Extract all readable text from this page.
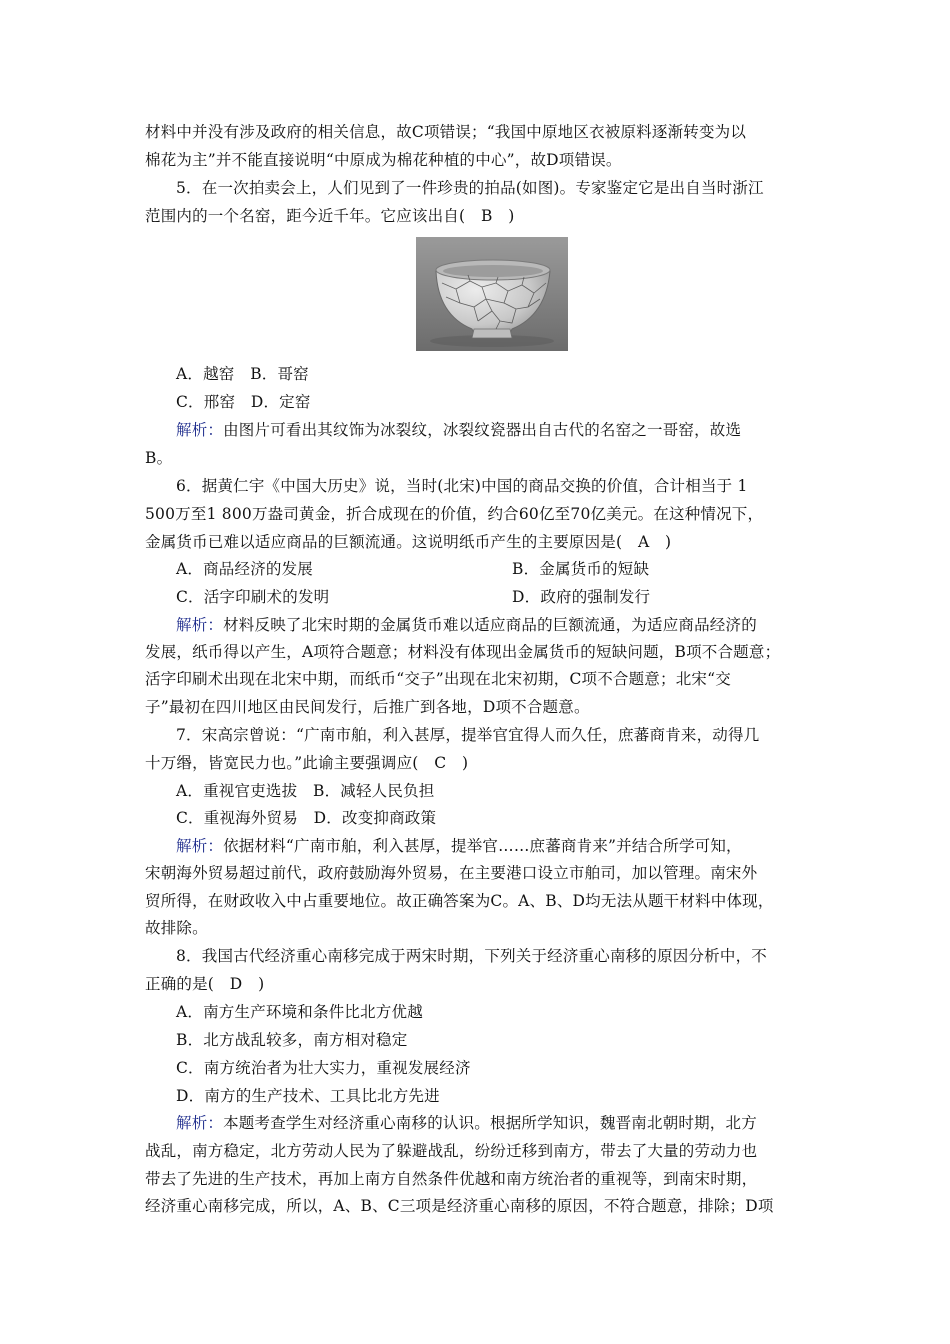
材料中并没有涉及政府的相关信息，故C项错误；“我国中原地区衣被原料逐渐转变为以
棉花为主”并不能直接说明“中原成为棉花种植的中心”，故D项错误。
5．在一次拍卖会上，人们见到了一件珍贵的拍品(如图)。专家鉴定它是出自当时浙江
范围内的一个名窑，距今近千年。它应该出自(　B　)
A．越窑　B．哥窑
C．邢窑　D．定窑
解析：由图片可看出其纹饰为冰裂纹，冰裂纹瓷器出自古代的名窑之一哥窑，故选
B。
6．据黄仁宇《中国大历史》说，当时(北宋)中国的商品交换的价值，合计相当于 1
500万至1 800万盎司黄金，折合成现在的价值，约合60亿至70亿美元。在这种情况下，
金属货币已难以适应商品的巨额流通。这说明纸币产生的主要原因是(　A　)
A．商品经济的发展	B．金属货币的短缺
C．活字印刷术的发明	D．政府的强制发行
解析：材料反映了北宋时期的金属货币难以适应商品的巨额流通，为适应商品经济的
发展，纸币得以产生，A项符合题意；材料没有体现出金属货币的短缺问题，B项不合题意；
活字印刷术出现在北宋中期，而纸币“交子”出现在北宋初期，C项不合题意；北宋“交
子”最初在四川地区由民间发行，后推广到各地，D项不合题意。
7．宋高宗曾说：“广南市舶，利入甚厚，提举官宜得人而久任，庶蕃商肯来，动得几
十万缗，皆宽民力也。”此谕主要强调应(　C　)
A．重视官吏选拔　B．减轻人民负担
C．重视海外贸易　D．改变抑商政策
解析：依据材料“广南市舶，利入甚厚，提举官……庶蕃商肯来”并结合所学可知，
宋朝海外贸易超过前代，政府鼓励海外贸易，在主要港口设立市舶司，加以管理。南宋外
贸所得，在财政收入中占重要地位。故正确答案为C。A、B、D均无法从题干材料中体现，
故排除。
8．我国古代经济重心南移完成于两宋时期，下列关于经济重心南移的原因分析中，不
正确的是(　D　)
A．南方生产环境和条件比北方优越
B．北方战乱较多，南方相对稳定
C．南方统治者为壮大实力，重视发展经济
D．南方的生产技术、工具比北方先进
解析：本题考查学生对经济重心南移的认识。根据所学知识，魏晋南北朝时期，北方
战乱，南方稳定，北方劳动人民为了躲避战乱，纷纷迁移到南方，带去了大量的劳动力也
带去了先进的生产技术，再加上南方自然条件优越和南方统治者的重视等，到南宋时期，
经济重心南移完成，所以，A、B、C三项是经济重心南移的原因，不符合题意，排除；D项
